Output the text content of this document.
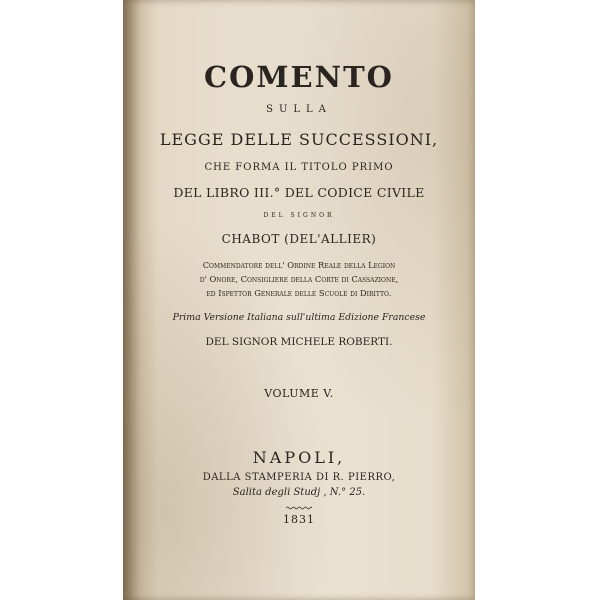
COMENTO
SULLA
LEGGE DELLE SUCCESSIONI,
CHE FORMA IL TITOLO PRIMO
DEL LIBRO III.° DEL CODICE CIVILE
DEL SIGNOR
CHABOT (DEL'ALLIER)
Commendatore dell' Ordine Reale della Legion
d' Onore, Consigliere della Corte di Cassazione,
ed Ispettor Generale delle Scuole di Diritto.
Prima Versione Italiana sull'ultima Edizione Francese
DEL SIGNOR MICHELE ROBERTI.
VOLUME V.
NAPOLI,
DALLA STAMPERIA DI R. PIERRO,
Salita degli Studj , N.° 25.
1831
